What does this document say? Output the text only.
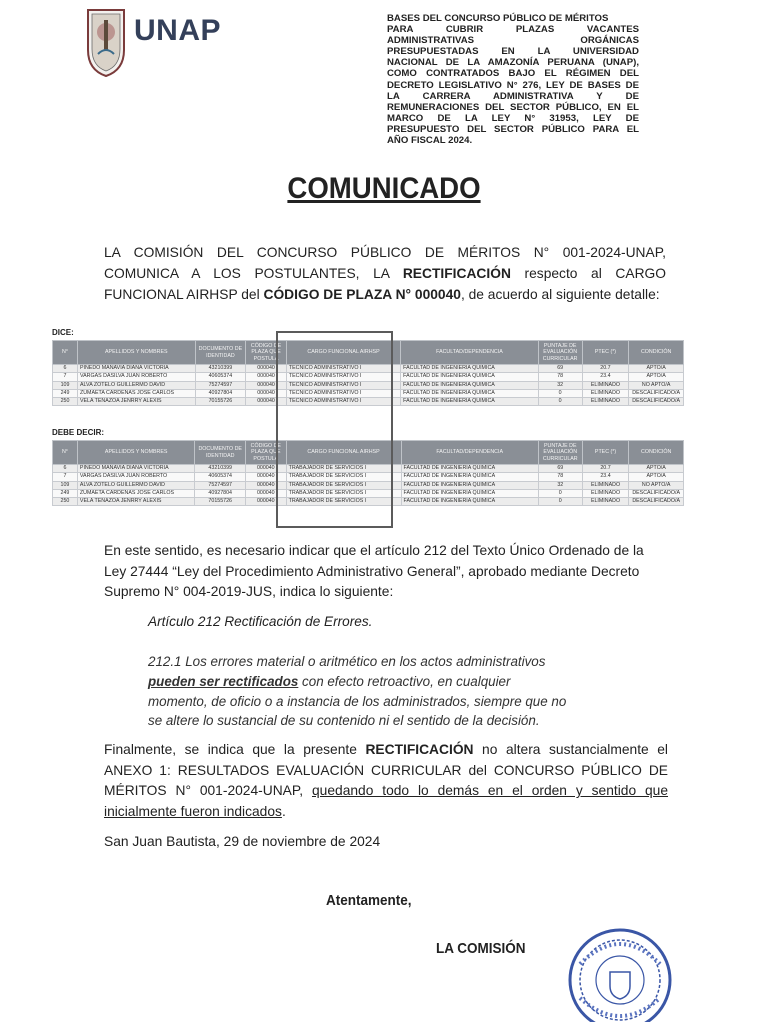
UNAP	BASES DEL CONCURSO PÚBLICO DE MÉRITOS
PARA CUBRIR PLAZAS VACANTES
ADMINISTRATIVAS ORGÁNICAS
PRESUPUESTADAS EN LA UNIVERSIDAD
NACIONAL DE LA AMAZONÍA PERUANA (UNAP),
COMO CONTRATADOS BAJO EL RÉGIMEN DEL
DECRETO LEGISLATIVO N° 276, LEY DE BASES DE
LA CARRERA ADMINISTRATIVA Y DE
REMUNERACIONES DEL SECTOR PÚBLICO, EN EL
MARCO DE LA LEY N° 31953, LEY DE
PRESUPUESTO DEL SECTOR PÚBLICO PARA EL
AÑO FISCAL 2024.
COMUNICADO
LA COMISIÓN DEL CONCURSO PÚBLICO DE MÉRITOS N° 001-2024-UNAP, COMUNICA A LOS POSTULANTES, LA RECTIFICACIÓN respecto al CARGO FUNCIONAL AIRHSP del CÓDIGO DE PLAZA N° 000040, de acuerdo al siguiente detalle:
DICE:
N°	APELLIDOS Y NOMBRES	DOCUMENTO DE IDENTIDAD	CÓDIGO DE PLAZA QUE POSTULA	CARGO FUNCIONAL AIRHSP	FACULTAD/DEPENDENCIA	PUNTAJE DE EVALUACIÓN CURRICULAR	PTEC (*)	CONDICIÓN
6	PINEDO MANAVIA DIANA VICTORIA	43210399	000040	TECNICO ADMINISTRATIVO I	FACULTAD DE INGENIERÍA QUÍMICA	69	20.7	APTO/A
7	VARGAS DASILVA JUAN ROBERTO	40605374	000040	TECNICO ADMINISTRATIVO I	FACULTAD DE INGENIERÍA QUÍMICA	78	23.4	APTO/A
109	ALVA ZOTELO GUILLERMO DAVID	75274597	000040	TECNICO ADMINISTRATIVO I	FACULTAD DE INGENIERÍA QUÍMICA	32	ELIMINADO	NO APTO/A
249	ZUMAETA CARDENAS JOSÉ CARLOS	40927804	000040	TECNICO ADMINISTRATIVO I	FACULTAD DE INGENIERÍA QUÍMICA	0	ELIMINADO	DESCALIFICADO/A
250	VELA TENAZOA JENRRY ALEXIS	70155726	000040	TECNICO ADMINISTRATIVO I	FACULTAD DE INGENIERÍA QUÍMICA	0	ELIMINADO	DESCALIFICADO/A
DEBE DECIR:
N°	APELLIDOS Y NOMBRES	DOCUMENTO DE IDENTIDAD	CÓDIGO DE PLAZA QUE POSTULA	CARGO FUNCIONAL AIRHSP	FACULTAD/DEPENDENCIA	PUNTAJE DE EVALUACIÓN CURRICULAR	PTEC (*)	CONDICIÓN
6	PINEDO MANAVIA DIANA VICTORIA	43210399	000040	TRABAJADOR DE SERVICIOS I	FACULTAD DE INGENIERÍA QUÍMICA	69	20.7	APTO/A
7	VARGAS DASILVA JUAN ROBERTO	40605374	000040	TRABAJADOR DE SERVICIOS I	FACULTAD DE INGENIERÍA QUÍMICA	78	23.4	APTO/A
109	ALVA ZOTELO GUILLERMO DAVID	75274597	000040	TRABAJADOR DE SERVICIOS I	FACULTAD DE INGENIERÍA QUÍMICA	32	ELIMINADO	NO APTO/A
249	ZUMAETA CARDENAS JOSÉ CARLOS	40927804	000040	TRABAJADOR DE SERVICIOS I	FACULTAD DE INGENIERÍA QUÍMICA	0	ELIMINADO	DESCALIFICADO/A
250	VELA TENAZOA JENRRY ALEXIS	70155726	000040	TRABAJADOR DE SERVICIOS I	FACULTAD DE INGENIERÍA QUÍMICA	0	ELIMINADO	DESCALIFICADO/A
En este sentido, es necesario indicar que el artículo 212 del Texto Único Ordenado de la Ley 27444 “Ley del Procedimiento Administrativo General”, aprobado mediante Decreto Supremo N° 004-2019-JUS, indica lo siguiente:
Artículo 212 Rectificación de Errores.
212.1 Los errores material o aritmético en los actos administrativos pueden ser rectificados con efecto retroactivo, en cualquier momento, de oficio o a instancia de los administrados, siempre que no se altere lo sustancial de su contenido ni el sentido de la decisión.
Finalmente, se indica que la presente RECTIFICACIÓN no altera sustancialmente el ANEXO 1: RESULTADOS EVALUACIÓN CURRICULAR del CONCURSO PÚBLICO DE MÉRITOS N° 001-2024-UNAP, quedando todo lo demás en el orden y sentido que inicialmente fueron indicados.
San Juan Bautista, 29 de noviembre de 2024
Atentamente,
LA COMISIÓN
